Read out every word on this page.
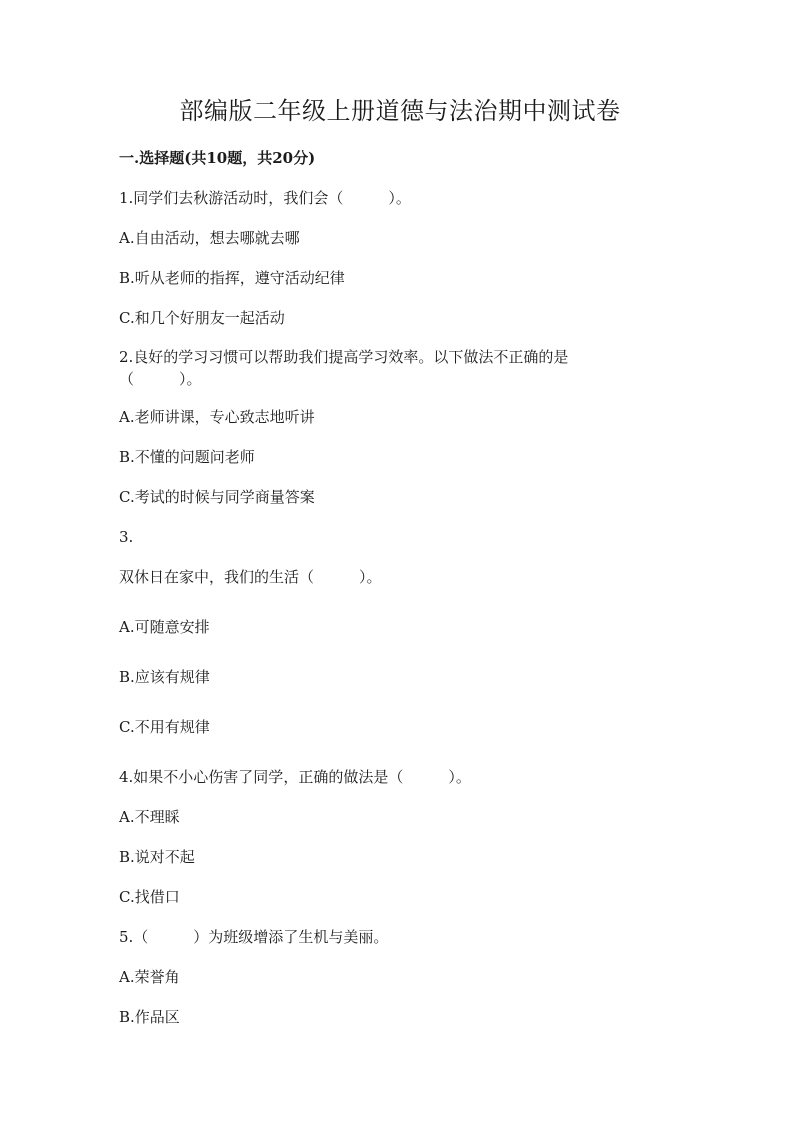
部编版二年级上册道德与法治期中测试卷
一.选择题(共10题，共20分)
1.同学们去秋游活动时，我们会（　　　）。
A.自由活动，想去哪就去哪
B.听从老师的指挥，遵守活动纪律
C.和几个好朋友一起活动
2.良好的学习习惯可以帮助我们提高学习效率。以下做法不正确的是
（　　　）。
A.老师讲课，专心致志地听讲
B.不懂的问题问老师
C.考试的时候与同学商量答案
3.
双休日在家中，我们的生活（　　　）。
A.可随意安排
B.应该有规律
C.不用有规律
4.如果不小心伤害了同学，正确的做法是（　　　）。
A.不理睬
B.说对不起
C.找借口
5.（　　　）为班级增添了生机与美丽。
A.荣誉角
B.作品区
